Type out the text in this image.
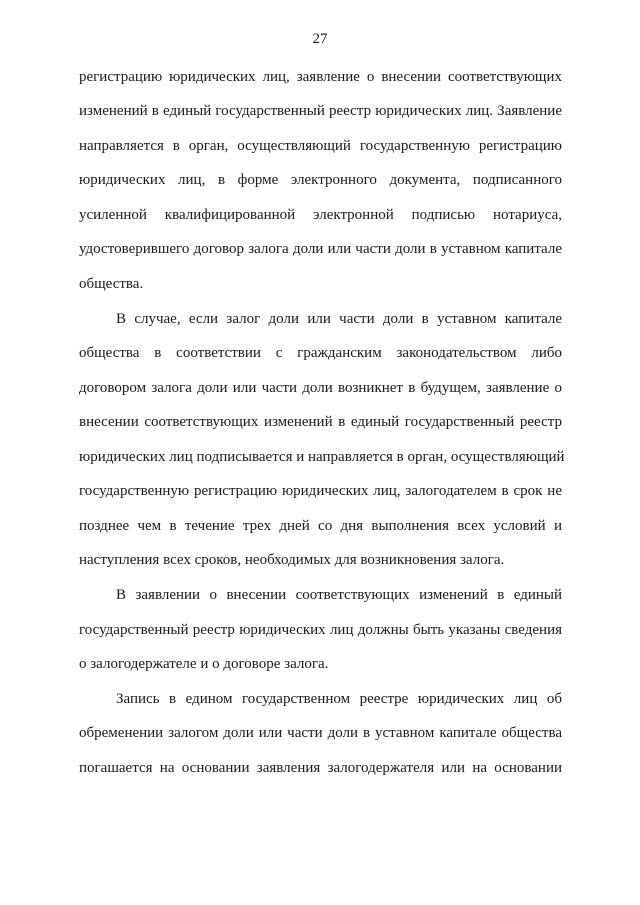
27
регистрацию юридических лиц, заявление о внесении соответствующих
изменений в единый государственный реестр юридических лиц. Заявление
направляется в орган, осуществляющий государственную регистрацию
юридических лиц, в форме электронного документа, подписанного
усиленной квалифицированной электронной подписью нотариуса,
удостоверившего договор залога доли или части доли в уставном капитале
общества.
В случае, если залог доли или части доли в уставном капитале
общества в соответствии с гражданским законодательством либо
договором залога доли или части доли возникнет в будущем, заявление о
внесении соответствующих изменений в единый государственный реестр
юридических лиц подписывается и направляется в орган, осуществляющий
государственную регистрацию юридических лиц, залогодателем в срок не
позднее чем в течение трех дней со дня выполнения всех условий и
наступления всех сроков, необходимых для возникновения залога.
В заявлении о внесении соответствующих изменений в единый
государственный реестр юридических лиц должны быть указаны сведения
о залогодержателе и о договоре залога.
Запись в едином государственном реестре юридических лиц об
обременении залогом доли или части доли в уставном капитале общества
погашается на основании заявления залогодержателя или на основании
